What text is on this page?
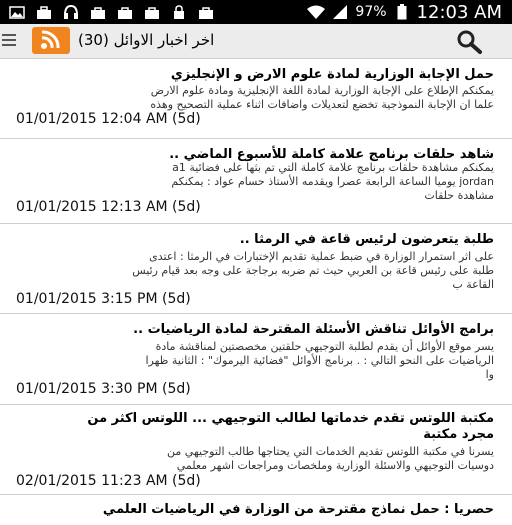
97% 12:03 AM
اخر اخبار الاوائل (30)
حمل الإجابة الوزارية لمادة علوم الارض و الإنجليزي
يمكنكم الإطلاع على الإجابة الوزارية لمادة اللغة الإنجليزية ومادة علوم الارض
علما ان الإجابة النموذجية تخضع لتعديلات واضافات اثناء عملية التصحيح وهذه
01/01/2015 12:04 AM (5d)
شاهد حلقات برنامج علامة كاملة للأسبوع الماضي ..
يمكنكم مشاهدة حلقات برنامج علامة كاملة التي تم بثها على فضائية a1
jordan يوميا الساعة الرابعة عصرا ويقدمه الأستاذ حسام عواد : يمكنكم
مشاهدة حلقات
01/01/2015 12:13 AM (5d)
طلبة يتعرضون لرئيس قاعة في الرمثا ..
على اثر استمرار الوزارة في ضبط عملية تقديم الإختبارات في الرمثا : اعتدى
طلبة على رئيس قاعة بن العربي حيث تم ضربه برجاجة على وجه بعد قيام رئيس
القاعة ب
01/01/2015 3:15 PM (5d)
برامج الأوائل تناقش الأسئلة المقترحة لمادة الرياضيات ..
يسر موقع الأوائل أن يقدم لطلبة التوجيهي حلقتين مخصصتين لمناقشة مادة
الرياضيات على النحو التالي : . برنامج الأوائل "فضائية اليرموك" : الثانية ظهرا
وا
01/01/2015 3:30 PM (5d)
مكتبة اللوتس تقدم خدماتها لطالب التوجيهي ... اللوتس اكثر من
مجرد مكتبة
يسرنا في مكتبة اللوتس تقديم الخدمات التي يحتاجها طالب التوجيهي من
دوسيات التوجيهي والاسئلة الوزارية وملخصات ومراجعات اشهر معلمي
02/01/2015 11:23 AM (5d)
حصريا : حمل نماذج مقترحة من الوزارة في الرياضيات العلمي
